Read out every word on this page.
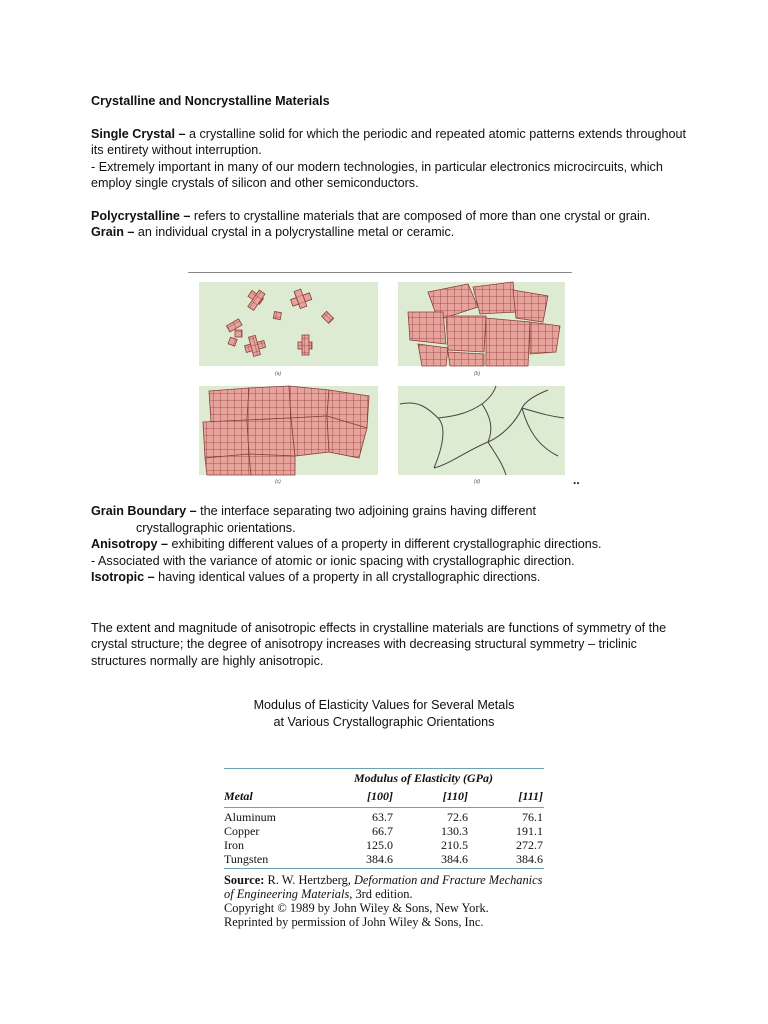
Crystalline and Noncrystalline Materials

Single Crystal – a crystalline solid for which the periodic and repeated atomic patterns extends throughout its entirety without interruption.

- Extremely important in many of our modern technologies, in particular electronics microcircuits, which employ single crystals of silicon and other semiconductors.

Polycrystalline – refers to crystalline materials that are composed of more than one crystal or grain.

Grain – an individual crystal in a polycrystalline metal or ceramic.

(a)	(b)
(c)	(d)	..

Grain Boundary – the interface separating two adjoining grains having different

crystallographic orientations.

Anisotropy – exhibiting different values of a property in different crystallographic directions.

- Associated with the variance of atomic or ionic spacing with crystallographic direction.

Isotropic – having identical values of a property in all crystallographic directions.

The extent and magnitude of anisotropic effects in crystalline materials are functions of symmetry of the crystal structure; the degree of anisotropy increases with decreasing structural symmetry – triclinic structures normally are highly anisotropic.

Modulus of Elasticity Values for Several Metals
at Various Crystallographic Orientations
Modulus of Elasticity (GPa)
Metal	[100]	[110]	[111]
Aluminum	63.7	72.6	76.1
Copper	66.7	130.3	191.1
Iron	125.0	210.5	272.7
Tungsten	384.6	384.6	384.6
Source: R. W. Hertzberg, Deformation and Fracture Mechanics of Engineering Materials, 3rd edition.
Copyright © 1989 by John Wiley & Sons, New York.
Reprinted by permission of John Wiley & Sons, Inc.
